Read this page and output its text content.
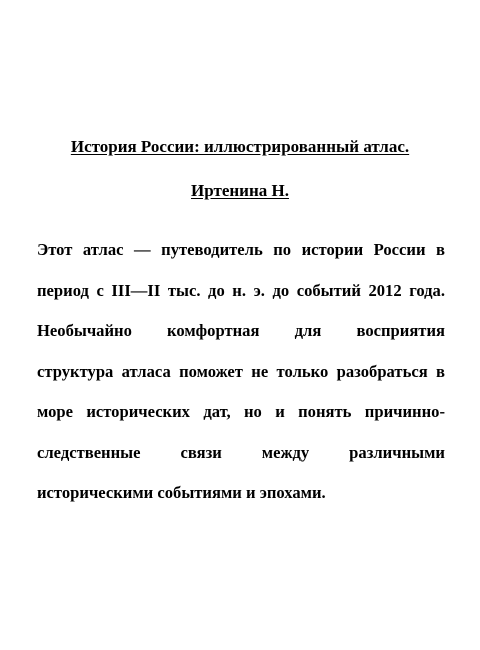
История России: иллюстрированный атлас.
Иртенина Н.
Этот атлас — путеводитель по истории России в
период с III—II тыс. до н. э. до событий 2012 года.
Необычайно комфортная для восприятия
структура атласа поможет не только разобраться в
море исторических дат, но и понять причинно-
следственные связи между различными
историческими событиями и эпохами.
